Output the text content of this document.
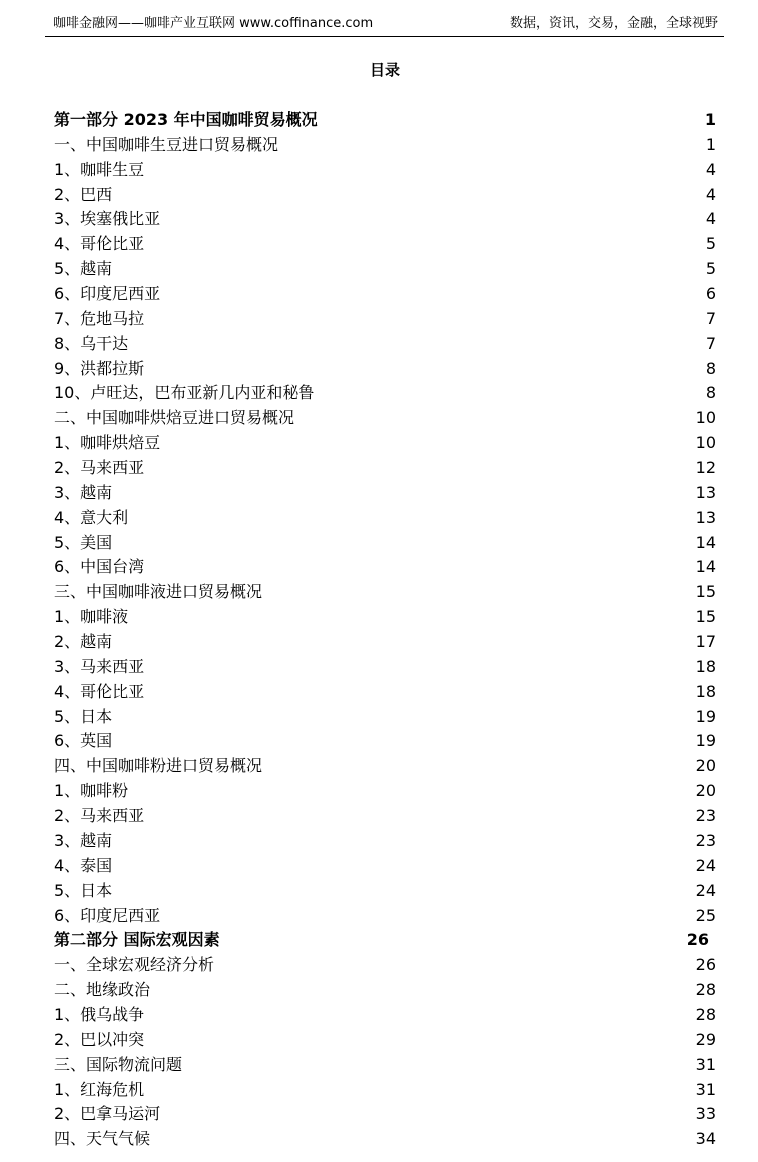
咖啡金融网——咖啡产业互联网 www.coffinance.com	数据，资讯，交易，金融，全球视野
目录
第一部分 2023 年中国咖啡贸易概况	1
一、中国咖啡生豆进口贸易概况	1
1、咖啡生豆	4
2、巴西	4
3、埃塞俄比亚	4
4、哥伦比亚	5
5、越南	5
6、印度尼西亚	6
7、危地马拉	7
8、乌干达	7
9、洪都拉斯	8
10、卢旺达，巴布亚新几内亚和秘鲁	8
二、中国咖啡烘焙豆进口贸易概况	10
1、咖啡烘焙豆	10
2、马来西亚	12
3、越南	13
4、意大利	13
5、美国	14
6、中国台湾	14
三、中国咖啡液进口贸易概况	15
1、咖啡液	15
2、越南	17
3、马来西亚	18
4、哥伦比亚	18
5、日本	19
6、英国	19
四、中国咖啡粉进口贸易概况	20
1、咖啡粉	20
2、马来西亚	23
3、越南	23
4、泰国	24
5、日本	24
6、印度尼西亚	25
第二部分 国际宏观因素	26
一、全球宏观经济分析	26
二、地缘政治	28
1、俄乌战争	28
2、巴以冲突	29
三、国际物流问题	31
1、红海危机	31
2、巴拿马运河	33
四、天气气候	34
